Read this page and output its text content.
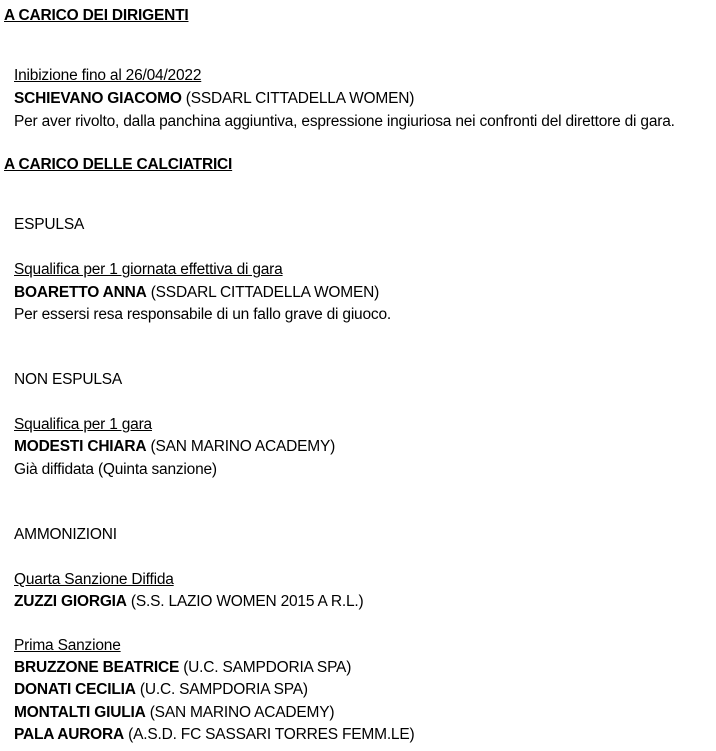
A CARICO DEI DIRIGENTI
Inibizione fino al 26/04/2022
SCHIEVANO GIACOMO (SSDARL CITTADELLA WOMEN)
Per aver rivolto, dalla panchina aggiuntiva, espressione ingiuriosa nei confronti del direttore di gara.
A CARICO DELLE CALCIATRICI
ESPULSA
Squalifica per 1 giornata effettiva di gara
BOARETTO ANNA (SSDARL CITTADELLA WOMEN)
Per essersi resa responsabile di un fallo grave di giuoco.
NON ESPULSA
Squalifica per 1 gara
MODESTI CHIARA (SAN MARINO ACADEMY)
Già diffidata (Quinta sanzione)
AMMONIZIONI
Quarta Sanzione Diffida
ZUZZI GIORGIA (S.S. LAZIO WOMEN 2015 A R.L.)
Prima Sanzione
BRUZZONE BEATRICE (U.C. SAMPDORIA SPA)
DONATI CECILIA (U.C. SAMPDORIA SPA)
MONTALTI GIULIA (SAN MARINO ACADEMY)
PALA AURORA (A.S.D. FC SASSARI TORRES FEMM.LE)
